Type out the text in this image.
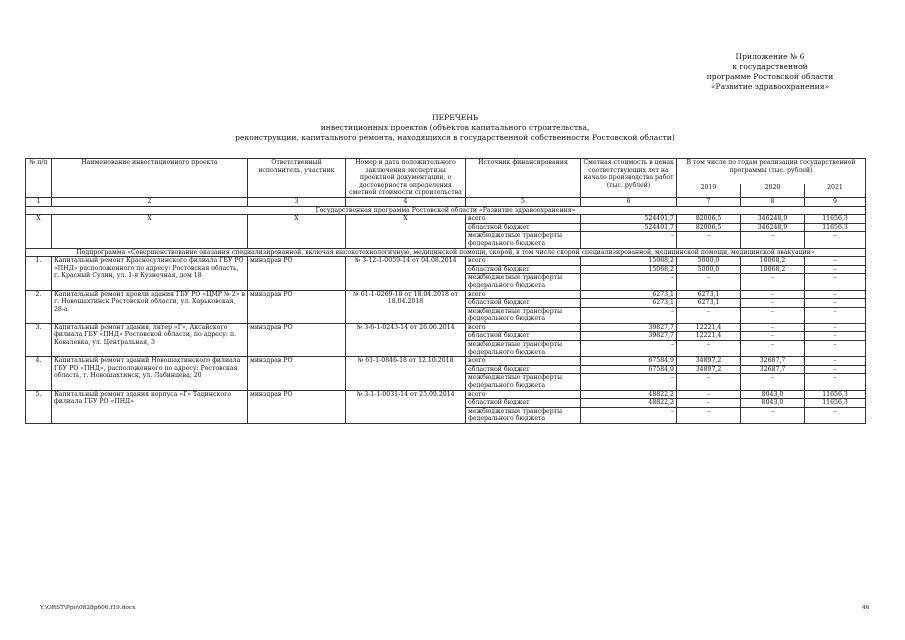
Приложение № 6
к государственной
программе Ростовской области
«Развитие здравоохранения»
ПЕРЕЧЕНЬ
инвестиционных проектов (объектов капитального строительства,
реконструкции, капитального ремонта, находящихся в государственной собственности Ростовской области)
№ п/п	Наименование инвестиционного проекта	Ответственный исполнитель, участник	Номер и дата положительного заключения экспертизы проектной документации, о достоверности определения сметной стоимости строительства	Источник финансирования	Сметная стоимость в ценах соответствующих лет на начало производства работ (тыс. рублей)	В том числе по годам реализации государственной программы (тыс. рублей)		
						2019	2020	2021
1	2	3	4	5	6	7	8	9
Государственная программа Ростовской области «Развитие здравоохранения»								
Х	Х	Х	Х	всего	524491,7	82006,5	346248,9	11656,3
				областной бюджет	524491,7	82006,5	346248,9	11656,3
				межбюджетные трансферты федерального бюджета	–	–	–	–
Подпрограмма «Совершенствование оказания специализированной, включая высокотехнологичную, медицинской помощи, скорой, в том числе скорой специализированной, медицинской помощи, медицинской эвакуации»								
1.	Капитальный ремонт Красносулинского филиала ГБУ РО «ПНД» расположенного по адресу: Ростовская область, г. Красный Сулин, ул. 1-я Кузнечная, дом 18	минздрав РО	№ 3-12-1-0059-14 от 04.08.2014	всего	15068,2	5000,0	10068,2	–
				областной бюджет	15068,2	5000,0	10068,2	–
				межбюджетные трансферты федерального бюджета	–	–	–	–
2.	Капитальный ремонт кровли здания ГБУ РО «ЦМР № 2» в г. Новошахтинск Ростовской области, ул. Харьковская, 28-а	минздрав РО	№ 61-1-0269-18 от 18.04.2018 от 18.04.2018	всего	6273,1	6273,1	–	–
				областной бюджет	6273,1	6273,1	–	–
				межбюджетные трансферты федерального бюджета	–	–	–	–
3.	Капитальный ремонт здания, литер «Г», Аксайского филиала ГБУ «ПНД» Ростовской области, по адресу: п. Ковалевка, ул. Центральная, 3	минздрав РО	№ 3-6-1-0243-14 от 26.06.2014	всего	39827,7	12221,4	–	–
				областной бюджет	39827,7	12221,4	–	–
				межбюджетные трансферты федерального бюджета	–	–	–	–
4.	Капитальный ремонт зданий Новошахтинского филиала ГБУ РО «ПНД», расположенного по адресу: Ростовская область, г. Новошахтинск, ул. Лабинцева, 20	минздрав РО	№ 61-1-0846-18 от 12.10.2018	всего	67584,9	34897,2	32687,7	–
				областной бюджет	67584,9	34897,2	32687,7	–
				межбюджетные трансферты федерального бюджета	–	–	–	–
5.	Капитальный ремонт здания корпуса «Г» Тацинского филиала ГБУ РО «ПНД»	минздрав РО	№ 3-1-1-0031-14 от 25.09.2014	всего	48822,2	–	8043,0	11656,3
				областной бюджет	48822,2	–	8043,0	11656,3
				межбюджетные трансферты федерального бюджета	–	–	–	–
Y:\ORST\Ppo\0828p606.f19.docx	46
